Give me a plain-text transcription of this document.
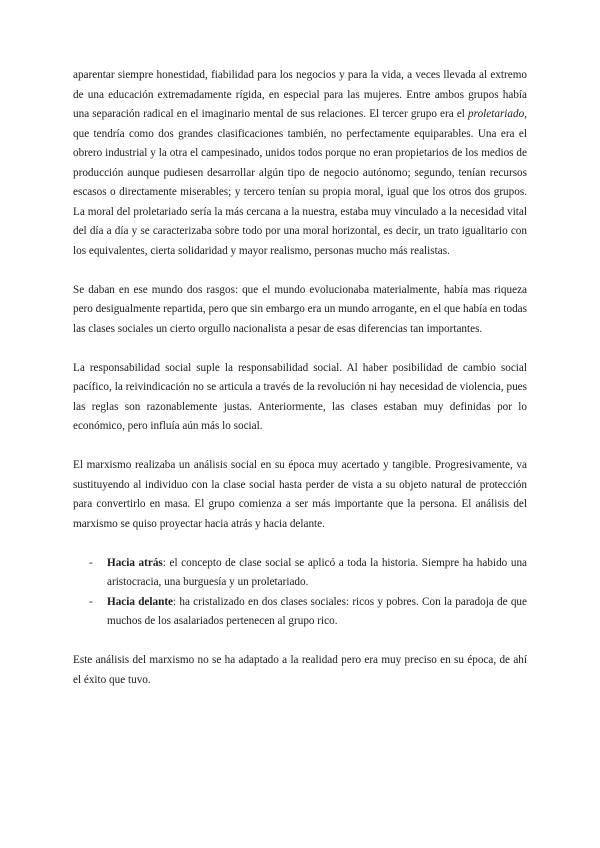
aparentar siempre honestidad, fiabilidad para los negocios y para la vida, a veces llevada al extremo de una educación extremadamente rígida, en especial para las mujeres. Entre ambos grupos había una separación radical en el imaginario mental de sus relaciones. El tercer grupo era el proletariado, que tendría como dos grandes clasificaciones también, no perfectamente equiparables. Una era el obrero industrial y la otra el campesinado, unidos todos porque no eran propietarios de los medios de producción aunque pudiesen desarrollar algún tipo de negocio autónomo; segundo, tenían recursos escasos o directamente miserables; y tercero tenían su propia moral, igual que los otros dos grupos. La moral del proletariado sería la más cercana a la nuestra, estaba muy vinculado a la necesidad vital del día a día y se caracterizaba sobre todo por una moral horizontal, es decir, un trato igualitario con los equivalentes, cierta solidaridad y mayor realismo, personas mucho más realistas.

Se daban en ese mundo dos rasgos: que el mundo evolucionaba materialmente, había mas riqueza pero desigualmente repartida, pero que sin embargo era un mundo arrogante, en el que había en todas las clases sociales un cierto orgullo nacionalista a pesar de esas diferencias tan importantes.

La responsabilidad social suple la responsabilidad social. Al haber posibilidad de cambio social pacífico, la reivindicación no se articula a través de la revolución ni hay necesidad de violencia, pues las reglas son razonablemente justas. Anteriormente, las clases estaban muy definidas por lo económico, pero influía aún más lo social.

El marxismo realizaba un análisis social en su época muy acertado y tangible. Progresivamente, va sustituyendo al individuo con la clase social hasta perder de vista a su objeto natural de protección para convertirlo en masa. El grupo comienza a ser más importante que la persona. El análisis del marxismo se quiso proyectar hacia atrás y hacia delante.

- Hacia atrás: el concepto de clase social se aplicó a toda la historia. Siempre ha habido una aristocracia, una burguesía y un proletariado.
- Hacia delante: ha cristalizado en dos clases sociales: ricos y pobres. Con la paradoja de que muchos de los asalariados pertenecen al grupo rico.

Este análisis del marxismo no se ha adaptado a la realidad pero era muy preciso en su época, de ahí el éxito que tuvo.
